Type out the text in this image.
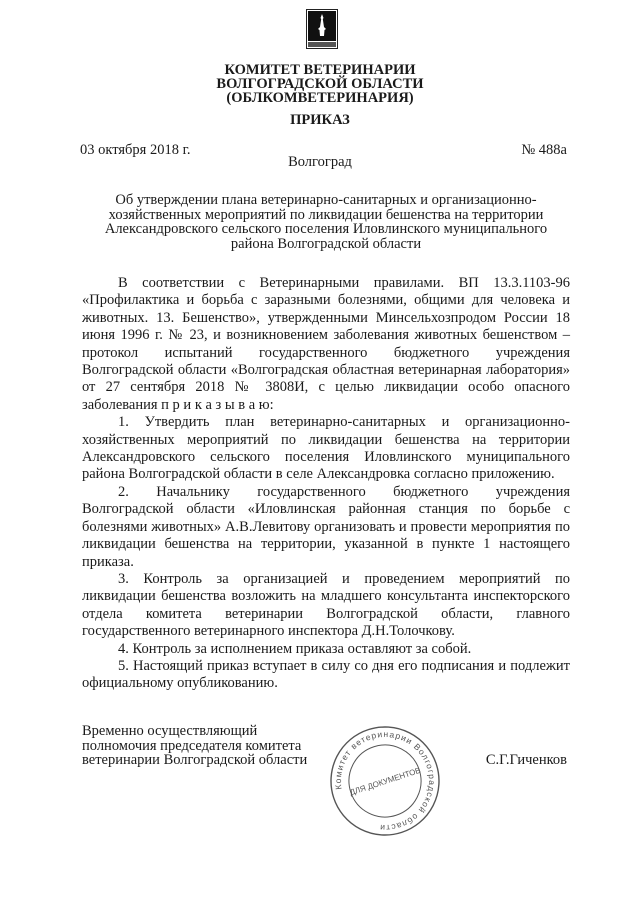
КОМИТЕТ ВЕТЕРИНАРИИ
ВОЛГОГРАДСКОЙ ОБЛАСТИ
(ОБЛКОМВЕТЕРИНАРИЯ)
ПРИКАЗ
03 октября 2018 г.	№ 488а
Волгоград
Об утверждении плана ветеринарно-санитарных и организационно-хозяйственных мероприятий по ликвидации бешенства на территории Александровского сельского поселения Иловлинского муниципального района Волгоградской области

В соответствии с Ветеринарными правилами. ВП 13.3.1103-96 «Профилактика и борьба с заразными болезнями, общими для человека и животных. 13. Бешенство», утвержденными Минсельхозпродом России 18 июня 1996 г. № 23, и возникновением заболевания животных бешенством – протокол испытаний государственного бюджетного учреждения Волгоградской области «Волгоградская областная ветеринарная лаборатория» от 27 сентября 2018 № 3808И, с целью ликвидации особо опасного заболевания п р и к а з ы в а ю:

1. Утвердить план ветеринарно-санитарных и организационно-хозяйственных мероприятий по ликвидации бешенства на территории Александровского сельского поселения Иловлинского муниципального района Волгоградской области в селе Александровка согласно приложению.

2. Начальнику государственного бюджетного учреждения Волгоградской области «Иловлинская районная станция по борьбе с болезнями животных» А.В.Левитову организовать и провести мероприятия по ликвидации бешенства на территории, указанной в пункте 1 настоящего приказа.

3. Контроль за организацией и проведением мероприятий по ликвидации бешенства возложить на младшего консультанта инспекторского отдела комитета ветеринарии Волгоградской области, главного государственного ветеринарного инспектора Д.Н.Толочкову.

4. Контроль за исполнением приказа оставляют за собой.

5. Настоящий приказ вступает в силу со дня его подписания и подлежит официальному опубликованию.

Временно осуществляющий полномочия председателя комитета ветеринарии Волгоградской области
Комитет ветеринарии Волгоградской области
ДЛЯ ДОКУМЕНТОВ
С.Г.Гиченков
